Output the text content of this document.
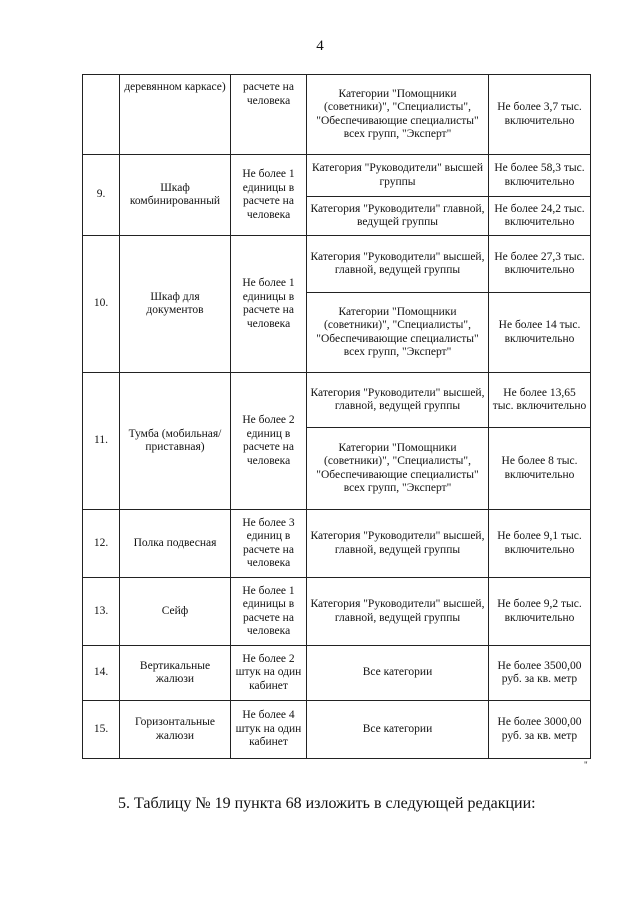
4
	деревянном каркасе)	расчете на человека	Категории "Помощники (советники)", "Специалисты", "Обеспечивающие специалисты" всех групп, "Эксперт"	Не более 3,7 тыс. включительно
9.	Шкаф комбинированный	Не более 1 единицы в расчете на человека	Категория "Руководители" высшей группы	Не более 58,3 тыс. включительно
			Категория "Руководители" главной, ведущей группы	Не более 24,2 тыс. включительно
10.	Шкаф для документов	Не более 1 единицы в расчете на человека	Категория "Руководители" высшей, главной, ведущей группы	Не более 27,3 тыс. включительно
			Категории "Помощники (советники)", "Специалисты", "Обеспечивающие специалисты" всех групп, "Эксперт"	Не более 14 тыс. включительно
11.	Тумба (мобильная/приставная)	Не более 2 единиц в расчете на человека	Категория "Руководители" высшей, главной, ведущей группы	Не более 13,65 тыс. включительно
			Категории "Помощники (советники)", "Специалисты", "Обеспечивающие специалисты" всех групп, "Эксперт"	Не более 8 тыс. включительно
12.	Полка подвесная	Не более 3 единиц в расчете на человека	Категория "Руководители" высшей, главной, ведущей группы	Не более 9,1 тыс. включительно
13.	Сейф	Не более 1 единицы в расчете на человека	Категория "Руководители" высшей, главной, ведущей группы	Не более 9,2 тыс. включительно
14.	Вертикальные жалюзи	Не более 2 штук на один кабинет	Все категории	Не более 3500,00 руб. за кв. метр
15.	Горизонтальные жалюзи	Не более 4 штук на один кабинет	Все категории	Не более 3000,00 руб. за кв. метр
"
5. Таблицу № 19 пункта 68 изложить в следующей редакции:
